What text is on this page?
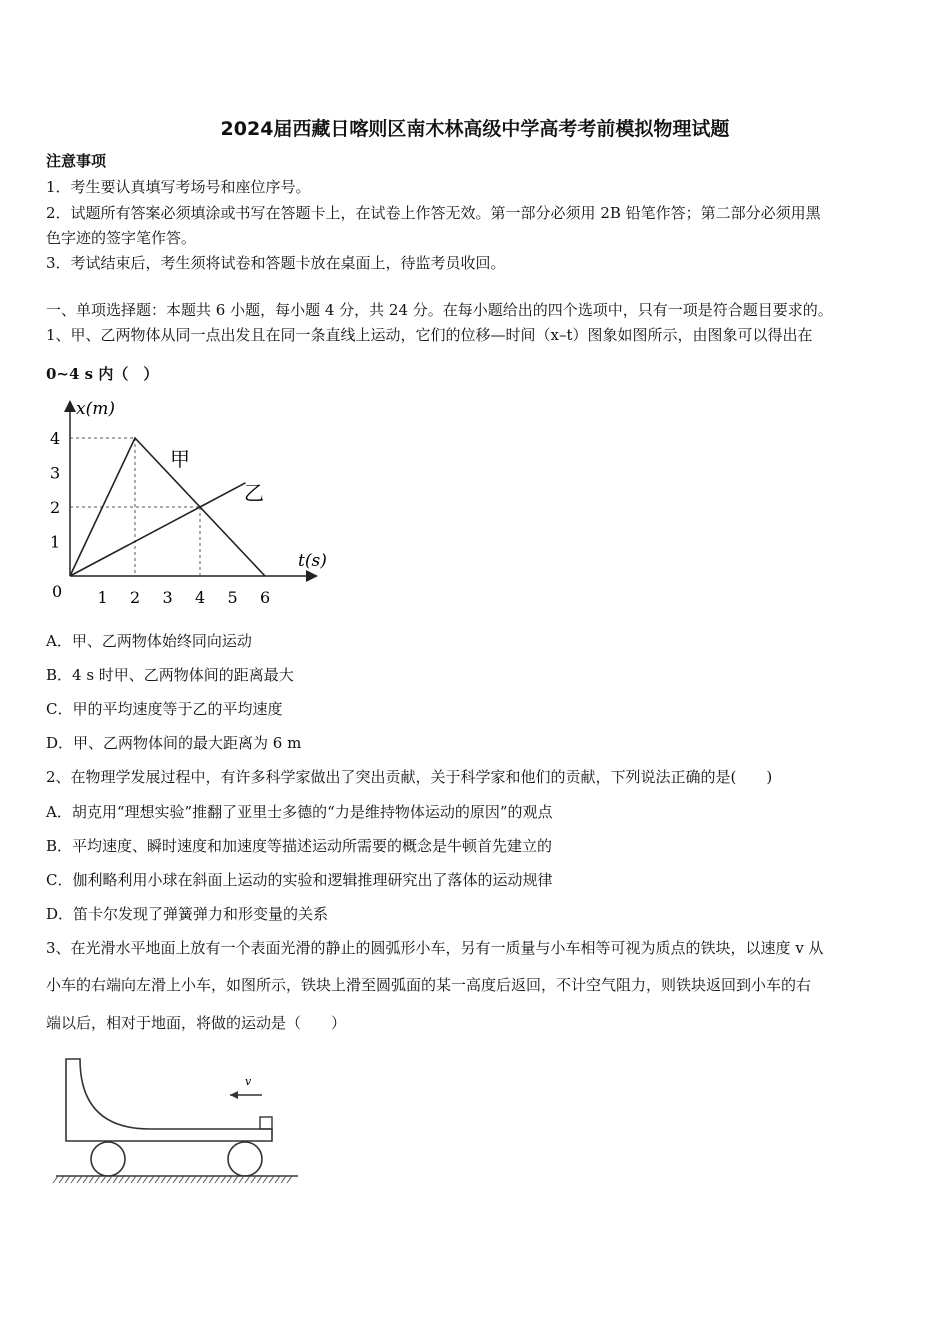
2024届西藏日喀则区南木林高级中学高考考前模拟物理试题
注意事项
1．考生要认真填写考场号和座位序号。
2．试题所有答案必须填涂或书写在答题卡上，在试卷上作答无效。第一部分必须用 2B 铅笔作答；第二部分必须用黑
色字迹的签字笔作答。
3．考试结束后，考生须将试卷和答题卡放在桌面上，待监考员收回。
一、单项选择题：本题共 6 小题，每小题 4 分，共 24 分。在每小题给出的四个选项中，只有一项是符合题目要求的。
1、甲、乙两物体从同一点出发且在同一条直线上运动，它们的位移—时间（x–t）图象如图所示，由图象可以得出在
0~4 s 内（　）
1
2
3
4
1 2 3 4 5 6
x(m)
t(s)
0
甲
乙
A．甲、乙两物体始终同向运动
B．4 s 时甲、乙两物体间的距离最大
C．甲的平均速度等于乙的平均速度
D．甲、乙两物体间的最大距离为 6 m
2、在物理学发展过程中，有许多科学家做出了突出贡献，关于科学家和他们的贡献，下列说法正确的是(　　)
A．胡克用“理想实验”推翻了亚里士多德的“力是维持物体运动的原因”的观点
B．平均速度、瞬时速度和加速度等描述运动所需要的概念是牛顿首先建立的
C．伽利略利用小球在斜面上运动的实验和逻辑推理研究出了落体的运动规律
D．笛卡尔发现了弹簧弹力和形变量的关系
3、在光滑水平地面上放有一个表面光滑的静止的圆弧形小车，另有一质量与小车相等可视为质点的铁块，以速度 v 从
小车的右端向左滑上小车，如图所示，铁块上滑至圆弧面的某一高度后返回，不计空气阻力，则铁块返回到小车的右
端以后，相对于地面，将做的运动是（　　）
v
